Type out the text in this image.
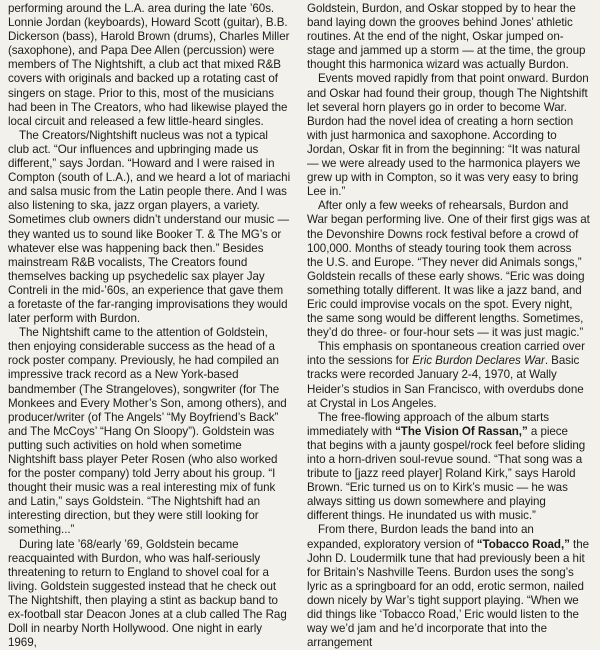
performing around the L.A. area during the late ’60s. Lonnie Jordan (keyboards), Howard Scott (guitar), B.B. Dickerson (bass), Harold Brown (drums), Charles Miller (saxophone), and Papa Dee Allen (percussion) were members of The Nightshift, a club act that mixed R&B covers with originals and backed up a rotating cast of singers on stage. Prior to this, most of the musicians had been in The Creators, who had likewise played the local circuit and released a few little-heard singles.

The Creators/Nightshift nucleus was not a typical club act. “Our influences and upbringing made us different,” says Jordan. “Howard and I were raised in Compton (south of L.A.), and we heard a lot of mariachi and salsa music from the Latin people there. And I was also listening to ska, jazz organ players, a variety. Sometimes club owners didn’t understand our music — they wanted us to sound like Booker T. & The MG’s or whatever else was happening back then.” Besides mainstream R&B vocalists, The Creators found themselves backing up psychedelic sax player Jay Contreli in the mid-’60s, an experience that gave them a foretaste of the far-ranging improvisations they would later perform with Burdon.

The Nightshift came to the attention of Goldstein, then enjoying considerable success as the head of a rock poster company. Previously, he had compiled an impressive track record as a New York-based bandmember (The Strangeloves), songwriter (for The Monkees and Every Mother’s Son, among others), and producer/writer (of The Angels’ “My Boyfriend’s Back” and The McCoys’ “Hang On Sloopy”). Goldstein was putting such activities on hold when sometime Nightshift bass player Peter Rosen (who also worked for the poster company) told Jerry about his group. “I thought their music was a real interesting mix of funk and Latin,” says Goldstein. “The Nightshift had an interesting direction, but they were still looking for something...”

During late ’68/early ’69, Goldstein became reacquainted with Burdon, who was half-seriously threatening to return to England to shovel coal for a living. Goldstein suggested instead that he check out The Nightshift, then playing a stint as backup band to ex-football star Deacon Jones at a club called The Rag Doll in nearby North Hollywood. One night in early 1969,

Goldstein, Burdon, and Oskar stopped by to hear the band laying down the grooves behind Jones’ athletic routines. At the end of the night, Oskar jumped on-stage and jammed up a storm — at the time, the group thought this harmonica wizard was actually Burdon.

Events moved rapidly from that point onward. Burdon and Oskar had found their group, though The Nightshift let several horn players go in order to become War. Burdon had the novel idea of creating a horn section with just harmonica and saxophone. According to Jordan, Oskar fit in from the beginning: “It was natural — we were already used to the harmonica players we grew up with in Compton, so it was very easy to bring Lee in.”

After only a few weeks of rehearsals, Burdon and War began performing live. One of their first gigs was at the Devonshire Downs rock festival before a crowd of 100,000. Months of steady touring took them across the U.S. and Europe. “They never did Animals songs,” Goldstein recalls of these early shows. “Eric was doing something totally different. It was like a jazz band, and Eric could improvise vocals on the spot. Every night, the same song would be different lengths. Sometimes, they’d do three- or four-hour sets — it was just magic.”

This emphasis on spontaneous creation carried over into the sessions for Eric Burdon Declares War. Basic tracks were recorded January 2-4, 1970, at Wally Heider’s studios in San Francisco, with overdubs done at Crystal in Los Angeles.

The free-flowing approach of the album starts immediately with “The Vision Of Rassan,” a piece that begins with a jaunty gospel/rock feel before sliding into a horn-driven soul-revue sound. “That song was a tribute to [jazz reed player] Roland Kirk,” says Harold Brown. “Eric turned us on to Kirk’s music — he was always sitting us down somewhere and playing different things. He inundated us with music.”

From there, Burdon leads the band into an expanded, exploratory version of “Tobacco Road,” the John D. Loudermilk tune that had previously been a hit for Britain’s Nashville Teens. Burdon uses the song’s lyric as a springboard for an odd, erotic sermon, nailed down nicely by War’s tight support playing. “When we did things like ‘Tobacco Road,’ Eric would listen to the way we’d jam and he’d incorporate that into the arrangement
